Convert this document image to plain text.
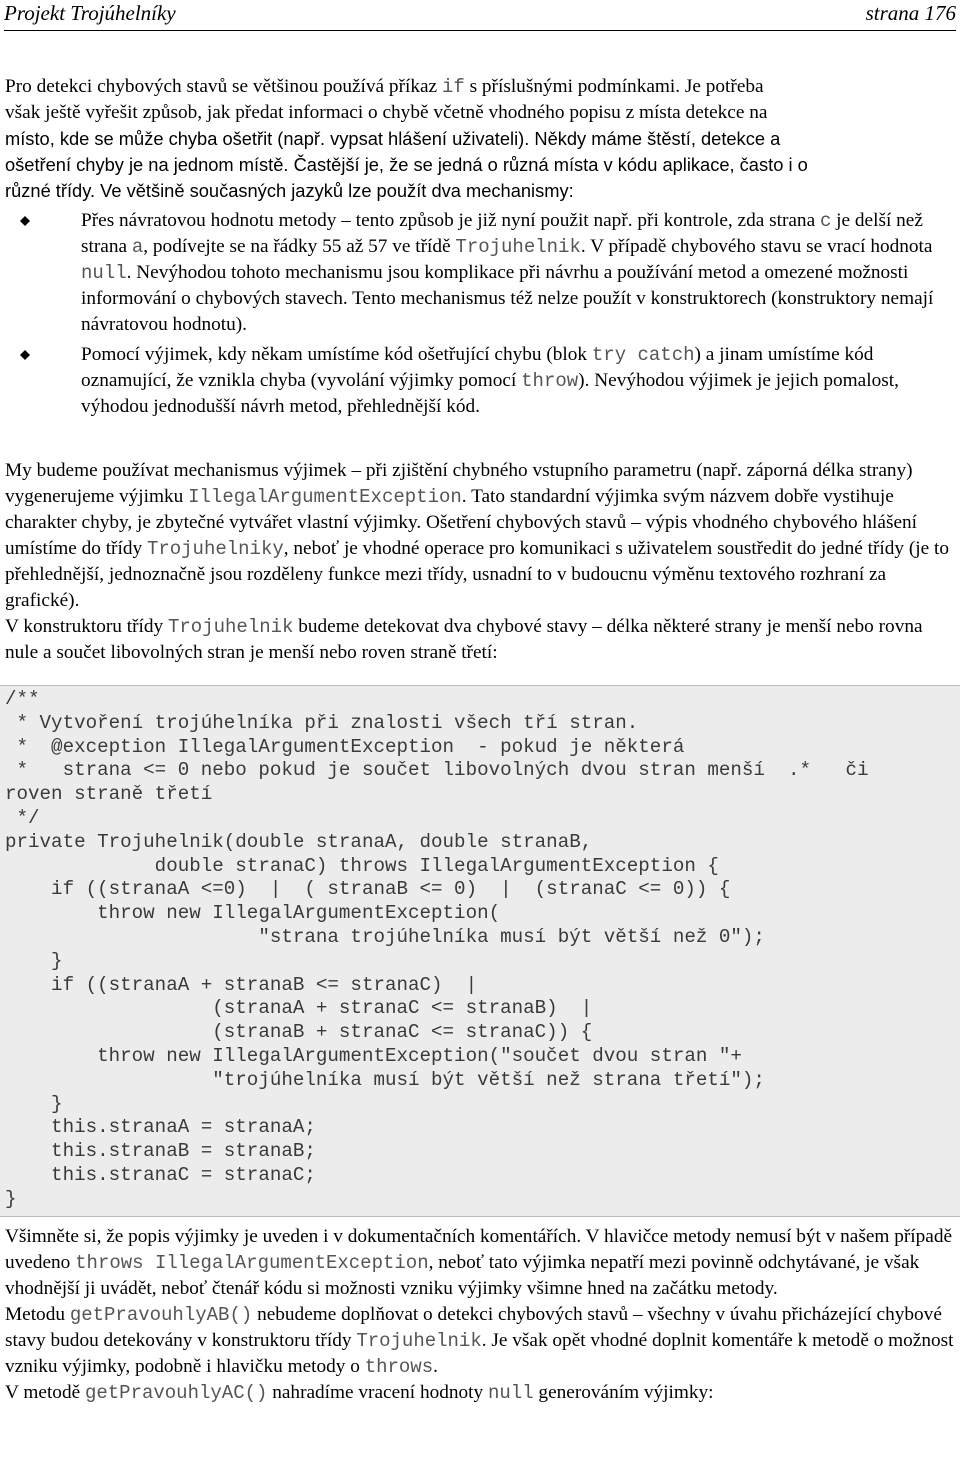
Projekt Trojúhelníky	strana 176
Pro detekci chybových stavů se většinou používá příkaz if s příslušnými podmínkami. Je potřeba
však ještě vyřešit způsob, jak předat informaci o chybě včetně vhodného popisu z místa detekce na
místo, kde se může chyba ošetřit (např. vypsat hlášení uživateli). Někdy máme štěstí, detekce a
ošetření chyby je na jednom místě. Častější je, že se jedná o různá místa v kódu aplikace, často i o
různé třídy. Ve většině současných jazyků lze použít dva mechanismy:
Přes návratovou hodnotu metody – tento způsob je již nyní použit např. při kontrole, zda strana c je delší než strana a, podívejte se na řádky 55 až 57 ve třídě Trojuhelnik. V případě chybového stavu se vrací hodnota null. Nevýhodou tohoto mechanismu jsou komplikace při návrhu a používání metod a omezené možnosti informování o chybových stavech. Tento mechanismus též nelze použít v konstruktorech (konstruktory nemají návratovou hodnotu).
Pomocí výjimek, kdy někam umístíme kód ošetřující chybu (blok try catch) a jinam umístíme kód oznamující, že vznikla chyba (vyvolání výjimky pomocí throw). Nevýhodou výjimek je jejich pomalost, výhodou jednodušší návrh metod, přehlednější kód.
My budeme používat mechanismus výjimek – při zjištění chybného vstupního parametru (např. záporná délka strany) vygenerujeme výjimku IllegalArgumentException. Tato standardní výjimka svým názvem dobře vystihuje charakter chyby, je zbytečné vytvářet vlastní výjimky. Ošetření chybových stavů – výpis vhodného chybového hlášení umístíme do třídy Trojuhelniky, neboť je vhodné operace pro komunikaci s uživatelem soustředit do jedné třídy (je to přehlednější, jednoznačně jsou rozděleny funkce mezi třídy, usnadní to v budoucnu výměnu textového rozhraní za grafické).
V konstruktoru třídy Trojuhelnik budeme detekovat dva chybové stavy – délka některé strany je menší nebo rovna nule a součet libovolných stran je menší nebo roven straně třetí:
/**
* Vytvoření trojúhelníka při znalosti všech tří stran.
*  @exception IllegalArgumentException  - pokud je některá
*   strana <= 0 nebo pokud je součet libovolných dvou stran menší  .*   či
roven straně třetí
*/
private Trojuhelnik(double stranaA, double stranaB,
double stranaC) throws IllegalArgumentException {
if ((stranaA <=0)  |  ( stranaB <= 0)  |  (stranaC <= 0)) {
throw new IllegalArgumentException(
"strana trojúhelníka musí být větší než 0");
}
if ((stranaA + stranaB <= stranaC)  |
(stranaA + stranaC <= stranaB)  |
(stranaB + stranaC <= stranaC)) {
throw new IllegalArgumentException("součet dvou stran "+
"trojúhelníka musí být větší než strana třetí");
}
this.stranaA = stranaA;
this.stranaB = stranaB;
this.stranaC = stranaC;
}
Všimněte si, že popis výjimky je uveden i v dokumentačních komentářích. V hlavičce metody nemusí být v našem případě uvedeno throws IllegalArgumentException, neboť tato výjimka nepatří mezi povinně odchytávané, je však vhodnější ji uvádět, neboť čtenář kódu si možnosti vzniku výjimky všimne hned na začátku metody.
Metodu getPravouhlyAB() nebudeme doplňovat o detekci chybových stavů – všechny v úvahu přicházející chybové stavy budou detekovány v konstruktoru třídy Trojuhelnik. Je však opět vhodné doplnit komentáře k metodě o možnost vzniku výjimky, podobně i hlavičku metody o throws.
V metodě getPravouhlyAC() nahradíme vracení hodnoty null generováním výjimky:
